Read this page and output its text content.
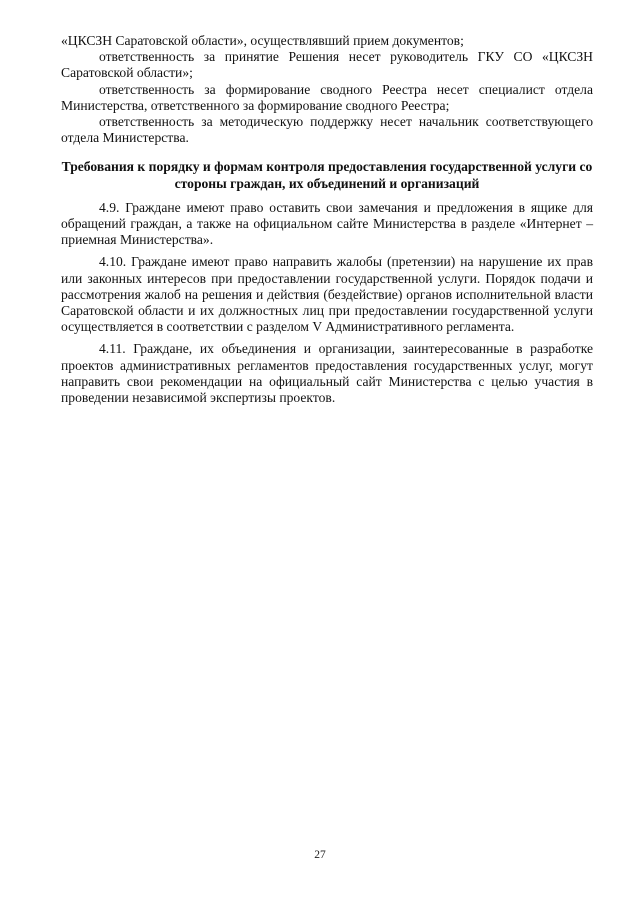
«ЦКСЗН Саратовской области», осуществлявший прием документов;

ответственность за принятие Решения несет руководитель ГКУ СО «ЦКСЗН Саратовской области»;

ответственность за формирование сводного Реестра несет специалист отдела Министерства, ответственного за формирование сводного Реестра;

ответственность за методическую поддержку несет начальник соответствующего отдела Министерства.

Требования к порядку и формам контроля предоставления государственной услуги со стороны граждан, их объединений и организаций

4.9. Граждане имеют право оставить свои замечания и предложения в ящике для обращений граждан, а также на официальном сайте Министерства в разделе «Интернет – приемная Министерства».

4.10. Граждане имеют право направить жалобы (претензии) на нарушение их прав или законных интересов при предоставлении государственной услуги. Порядок подачи и рассмотрения жалоб на решения и действия (бездействие) органов исполнительной власти Саратовской области и их должностных лиц при предоставлении государственной услуги осуществляется в соответствии с разделом V Административного регламента.

4.11. Граждане, их объединения и организации, заинтересованные в разработке проектов административных регламентов предоставления государственных услуг, могут направить свои рекомендации на официальный сайт Министерства с целью участия в проведении независимой экспертизы проектов.

27
